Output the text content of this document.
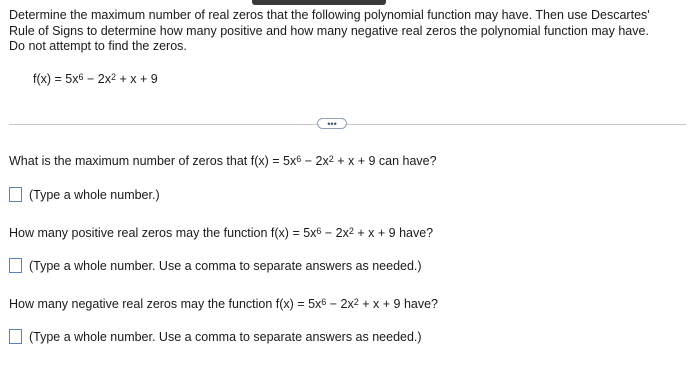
Determine the maximum number of real zeros that the following polynomial function may have. Then use Descartes'
Rule of Signs to determine how many positive and how many negative real zeros the polynomial function may have.
Do not attempt to find the zeros.
$f(x) = 5x^6 - 2x^2 + x + 9$
•••
What is the maximum number of zeros that $f(x) = 5x^6 - 2x^2 + x + 9$ can have?
(Type a whole number.)
How many positive real zeros may the function $f(x) = 5x^6 - 2x^2 + x + 9$ have?
(Type a whole number. Use a comma to separate answers as needed.)
How many negative real zeros may the function $f(x) = 5x^6 - 2x^2 + x + 9$ have?
(Type a whole number. Use a comma to separate answers as needed.)
